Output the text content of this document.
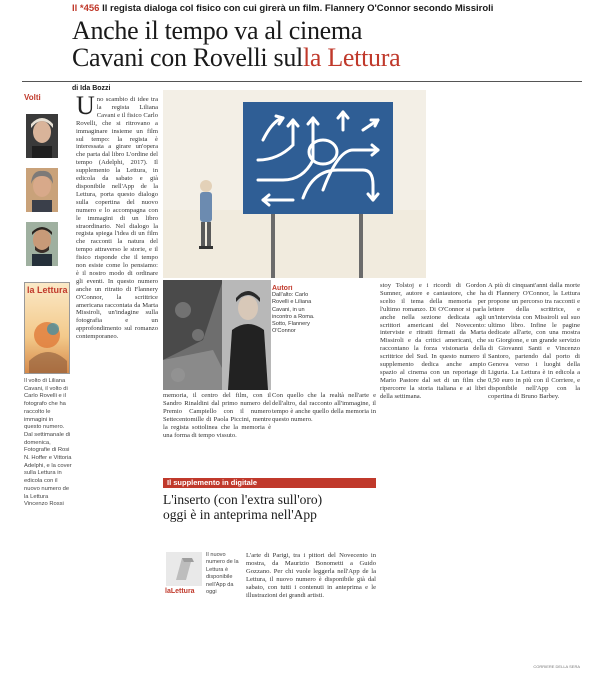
Il *456 Il regista dialoga col fisico con cui girerà un film. Flannery O'Connor secondo Missiroli
Anche il tempo va al cinema
Cavani con Rovelli sulla Lettura
di Ida Bozzi
Volti
la Lettura
Il volto di Liliana Cavani, il volto di Carlo Rovelli e il fotografo che ha raccolto le immagini in questo numero. Dal settimanale di domenica, Fotografie di Rosi N. Hoffer e Vittoria Adelphi, e la cover sulla Lettura in edicola con il nuovo numero de la Lettura Vincenzo Rossi
Uno scambio di idee tra la regista Liliana Cavani e il fisico Carlo Rovelli, che si ritrovano a immaginare insieme un film sul tempo: la regista è interessata a girare un'opera che parta dal libro L'ordine del tempo (Adelphi, 2017). Il supplemento la Lettura, in edicola da sabato e già disponibile nell'App de la Lettura, porta questo dialogo sulla copertina del nuovo numero e lo accompagna con le immagini di un libro straordinario. Nel dialogo la regista spiega l'idea di un film che racconti la natura del tempo attraverso le storie, e il fisico risponde che il tempo non esiste come lo pensiamo: è il nostro modo di ordinare gli eventi. In questo numero anche un ritratto di Flannery O'Connor, la scrittrice americana raccontata da Marta Missiroli, un'indagine sulla fotografia e un approfondimento sul romanzo contemporaneo.
Autori
Dall'alto: Carlo Rovelli e Liliana Cavani, in un incontro a Roma. Sotto, Flannery O'Connor
memoria, il centro del film, con il Sandro Rinaldini dal primo numero del Premio Campiello con il numero Settecentomille di Paola Piccini, mentre la regista sottolinea che la memoria è una forma di tempo vissuto.
Con quello che la realtà nell'arte e dell'altro, dal racconto all'immagine, il tempo è anche quello della memoria in questo numero.
stoy Tolstoj e i ricordi di Gordon Sumner, autore e cantautore, che ha scelto il tema della memoria per l'ultimo romanzo. Di O'Connor si parla anche nella sezione dedicata agli scrittori americani del Novecento: interviste e ritratti firmati da Marta Missiroli e da critici americani, che raccontano la forza visionaria della scrittrice del Sud. In questo numero il supplemento dedica anche ampio spazio al cinema con un reportage di Mario Pastore dal set di un film che ripercorre la storia italiana e ai libri della settimana.
A più di cinquant'anni dalla morte di Flannery O'Connor, la Lettura propone un percorso tra racconti e lettere della scrittrice, e un'intervista con Missiroli sul suo ultimo libro. Infine le pagine dedicate all'arte, con una mostra su Giorgione, e un grande servizio di Giovanni Santi e Vincenzo Santoro, partendo dal porto di Genova verso i luoghi della Liguria. La Lettura è in edicola a 0,50 euro in più con il Corriere, e disponibile nell'App con la copertina di Bruno Barbey.
Il supplemento in digitale
L'inserto (con l'extra sull'oro)
oggi è in anteprima nell'App
laLettura
Il nuovo numero de la Lettura è disponibile nell'App da oggi
L'arte di Parigi, tra i pittori del Novecento in mostra, da Maurizio Bonometti a Guido Gozzano. Per chi vuole leggerla nell'App de la Lettura, il nuovo numero è disponibile già dal sabato, con tutti i contenuti in anteprima e le illustrazioni dei grandi artisti.
CORRIERE DELLA SERA
